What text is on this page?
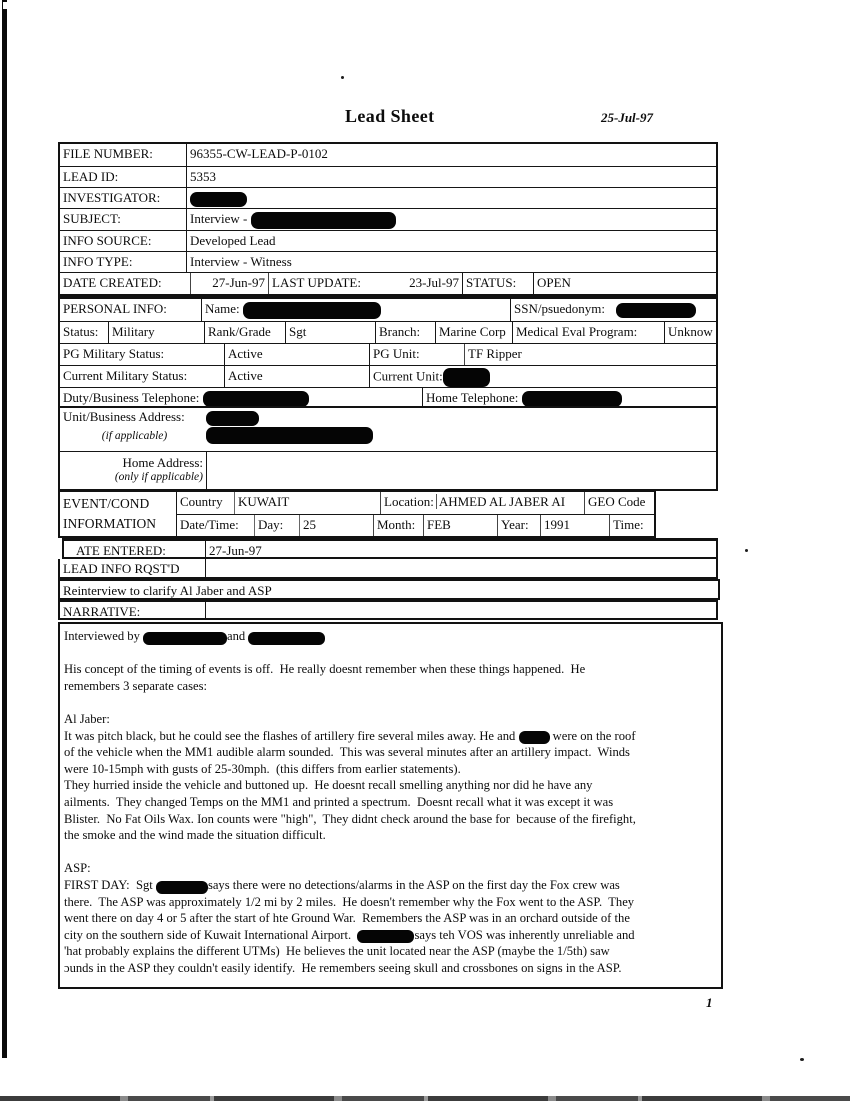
Lead Sheet	25-Jul-97
FILE NUMBER:	96355-CW-LEAD-P-0102
LEAD ID:	5353
INVESTIGATOR:
SUBJECT:	Interview -
INFO SOURCE:	Developed Lead
INFO TYPE:	Interview - Witness
DATE CREATED:	27-Jun-97 LAST UPDATE:	23-Jul-97 STATUS:	OPEN
PERSONAL INFO:	Name:	SSN/psuedonym:
Status:	Military	Rank/Grade	Sgt	Branch:	Marine Corp Medical Eval Program:	Unknow
PG Military Status:	Active	PG Unit:	TF Ripper
Current Military Status:	Active	Current Unit:
Duty/Business Telephone:	Home Telephone:
Unit/Business Address:
(if applicable)
Home Address:
(only if applicable)
EVENT/COND
INFORMATION
Country	KUWAIT	Location: AHMED AL JABER AI	GEO Code
Date/Time:	Day:	25	Month: FEB	Year:	1991	Time:
ATE ENTERED:	27-Jun-97
LEAD INFO RQST'D
Reinterview to clarify Al Jaber and ASP
NARRATIVE:
Interviewed by	and

His concept of the timing of events is off.  He really doesnt remember when these things happened.  He
remembers 3 separate cases:

Al Jaber:
It was pitch black, but he could see the flashes of artillery fire several miles away. He and  were on the roof
of the vehicle when the MM1 audible alarm sounded.  This was several minutes after an artillery impact.  Winds
were 10-15mph with gusts of 25-30mph.  (this differs from earlier statements).
They hurried inside the vehicle and buttoned up.  He doesnt recall smelling anything nor did he have any
ailments.  They changed Temps on the MM1 and printed a spectrum.  Doesnt recall what it was except it was
Blister.  No Fat Oils Wax. Ion counts were "high",  They didnt check around the base for  because of the firefight,
the smoke and the wind made the situation difficult.

ASP:
FIRST DAY:  Sgt	says there were no detections/alarms in the ASP on the first day the Fox crew was
there.  The ASP was approximately 1/2 mi by 2 miles.  He doesn't remember why the Fox went to the ASP.  They
went there on day 4 or 5 after the start of hte Ground War.  Remembers the ASP was in an orchard outside of the
city on the southern side of Kuwait International Airport.	says teh VOS was inherently unreliable and
'hat probably explains the different UTMs)  He believes the unit located near the ASP (maybe the 1/5th) saw
ɔunds in the ASP they couldn't easily identify.  He remembers seeing skull and crossbones on signs in the ASP.
1
